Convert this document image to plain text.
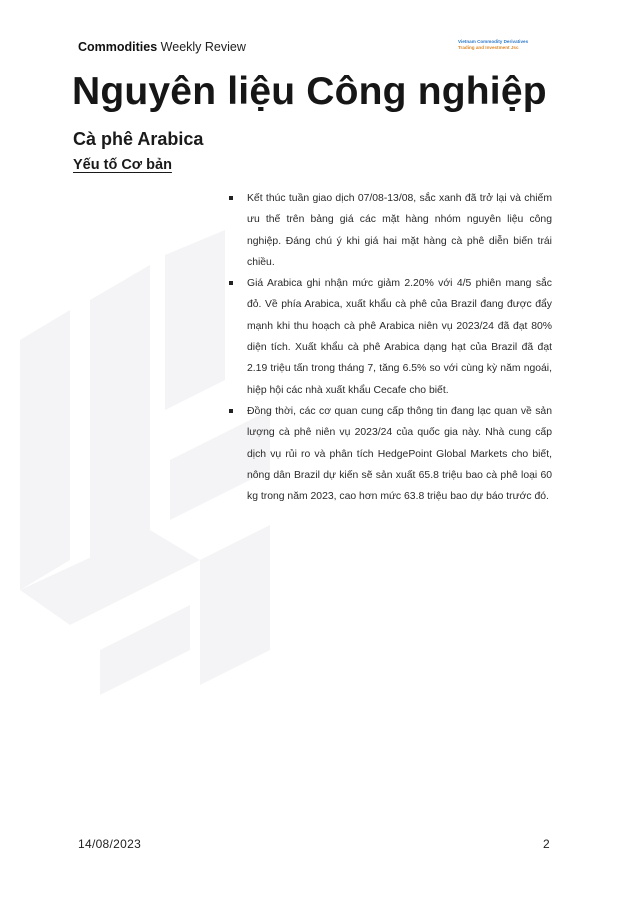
Commodities Weekly Review	Vietnam Commodity Derivatives
Trading and Investment Jsc
Nguyên liệu Công nghiệp
Cà phê Arabica
Yếu tố Cơ bản
Kết thúc tuần giao dịch 07/08-13/08, sắc xanh đã trở lại và chiếm ưu thế trên bảng giá các mặt hàng nhóm nguyên liệu công nghiệp. Đáng chú ý khi giá hai mặt hàng cà phê diễn biến trái chiều.
Giá Arabica ghi nhận mức giảm 2.20% với 4/5 phiên mang sắc đỏ. Về phía Arabica, xuất khẩu cà phê của Brazil đang được đẩy mạnh khi thu hoạch cà phê Arabica niên vụ 2023/24 đã đạt 80% diện tích. Xuất khẩu cà phê Arabica dạng hạt của Brazil đã đạt 2.19 triệu tấn trong tháng 7, tăng 6.5% so với cùng kỳ năm ngoái, hiệp hội các nhà xuất khẩu Cecafe cho biết.
Đồng thời, các cơ quan cung cấp thông tin đang lạc quan về sản lượng cà phê niên vụ 2023/24 của quốc gia này. Nhà cung cấp dịch vụ rủi ro và phân tích HedgePoint Global Markets cho biết, nông dân Brazil dự kiến sẽ sản xuất 65.8 triệu bao cà phê loại 60 kg trong năm 2023, cao hơn mức 63.8 triệu bao dự báo trước đó.
14/08/2023	2
